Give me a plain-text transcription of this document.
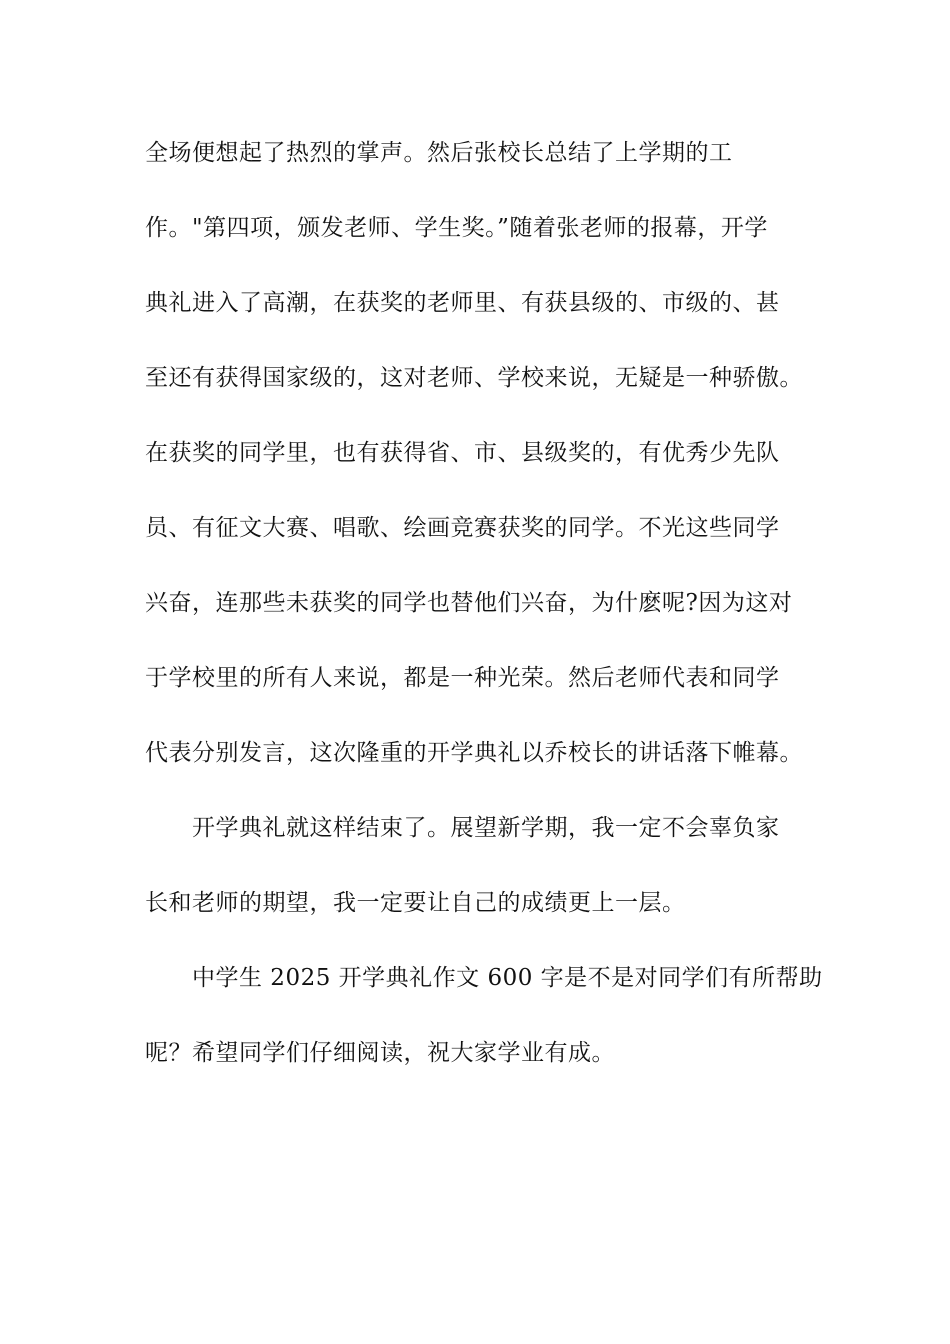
全场便想起了热烈的掌声。然后张校长总结了上学期的工
作。"第四项，颁发老师、学生奖。”随着张老师的报幕，开学
典礼进入了高潮，在获奖的老师里、有获县级的、市级的、甚
至还有获得国家级的，这对老师、学校来说，无疑是一种骄傲。
在获奖的同学里，也有获得省、市、县级奖的，有优秀少先队
员、有征文大赛、唱歌、绘画竞赛获奖的同学。不光这些同学
兴奋，连那些未获奖的同学也替他们兴奋，为什麽呢?因为这对
于学校里的所有人来说，都是一种光荣。然后老师代表和同学
代表分别发言，这次隆重的开学典礼以乔校长的讲话落下帷幕。
开学典礼就这样结束了。展望新学期，我一定不会辜负家
长和老师的期望，我一定要让自己的成绩更上一层。
中学生 2025 开学典礼作文 600 字是不是对同学们有所帮助
呢？希望同学们仔细阅读，祝大家学业有成。
